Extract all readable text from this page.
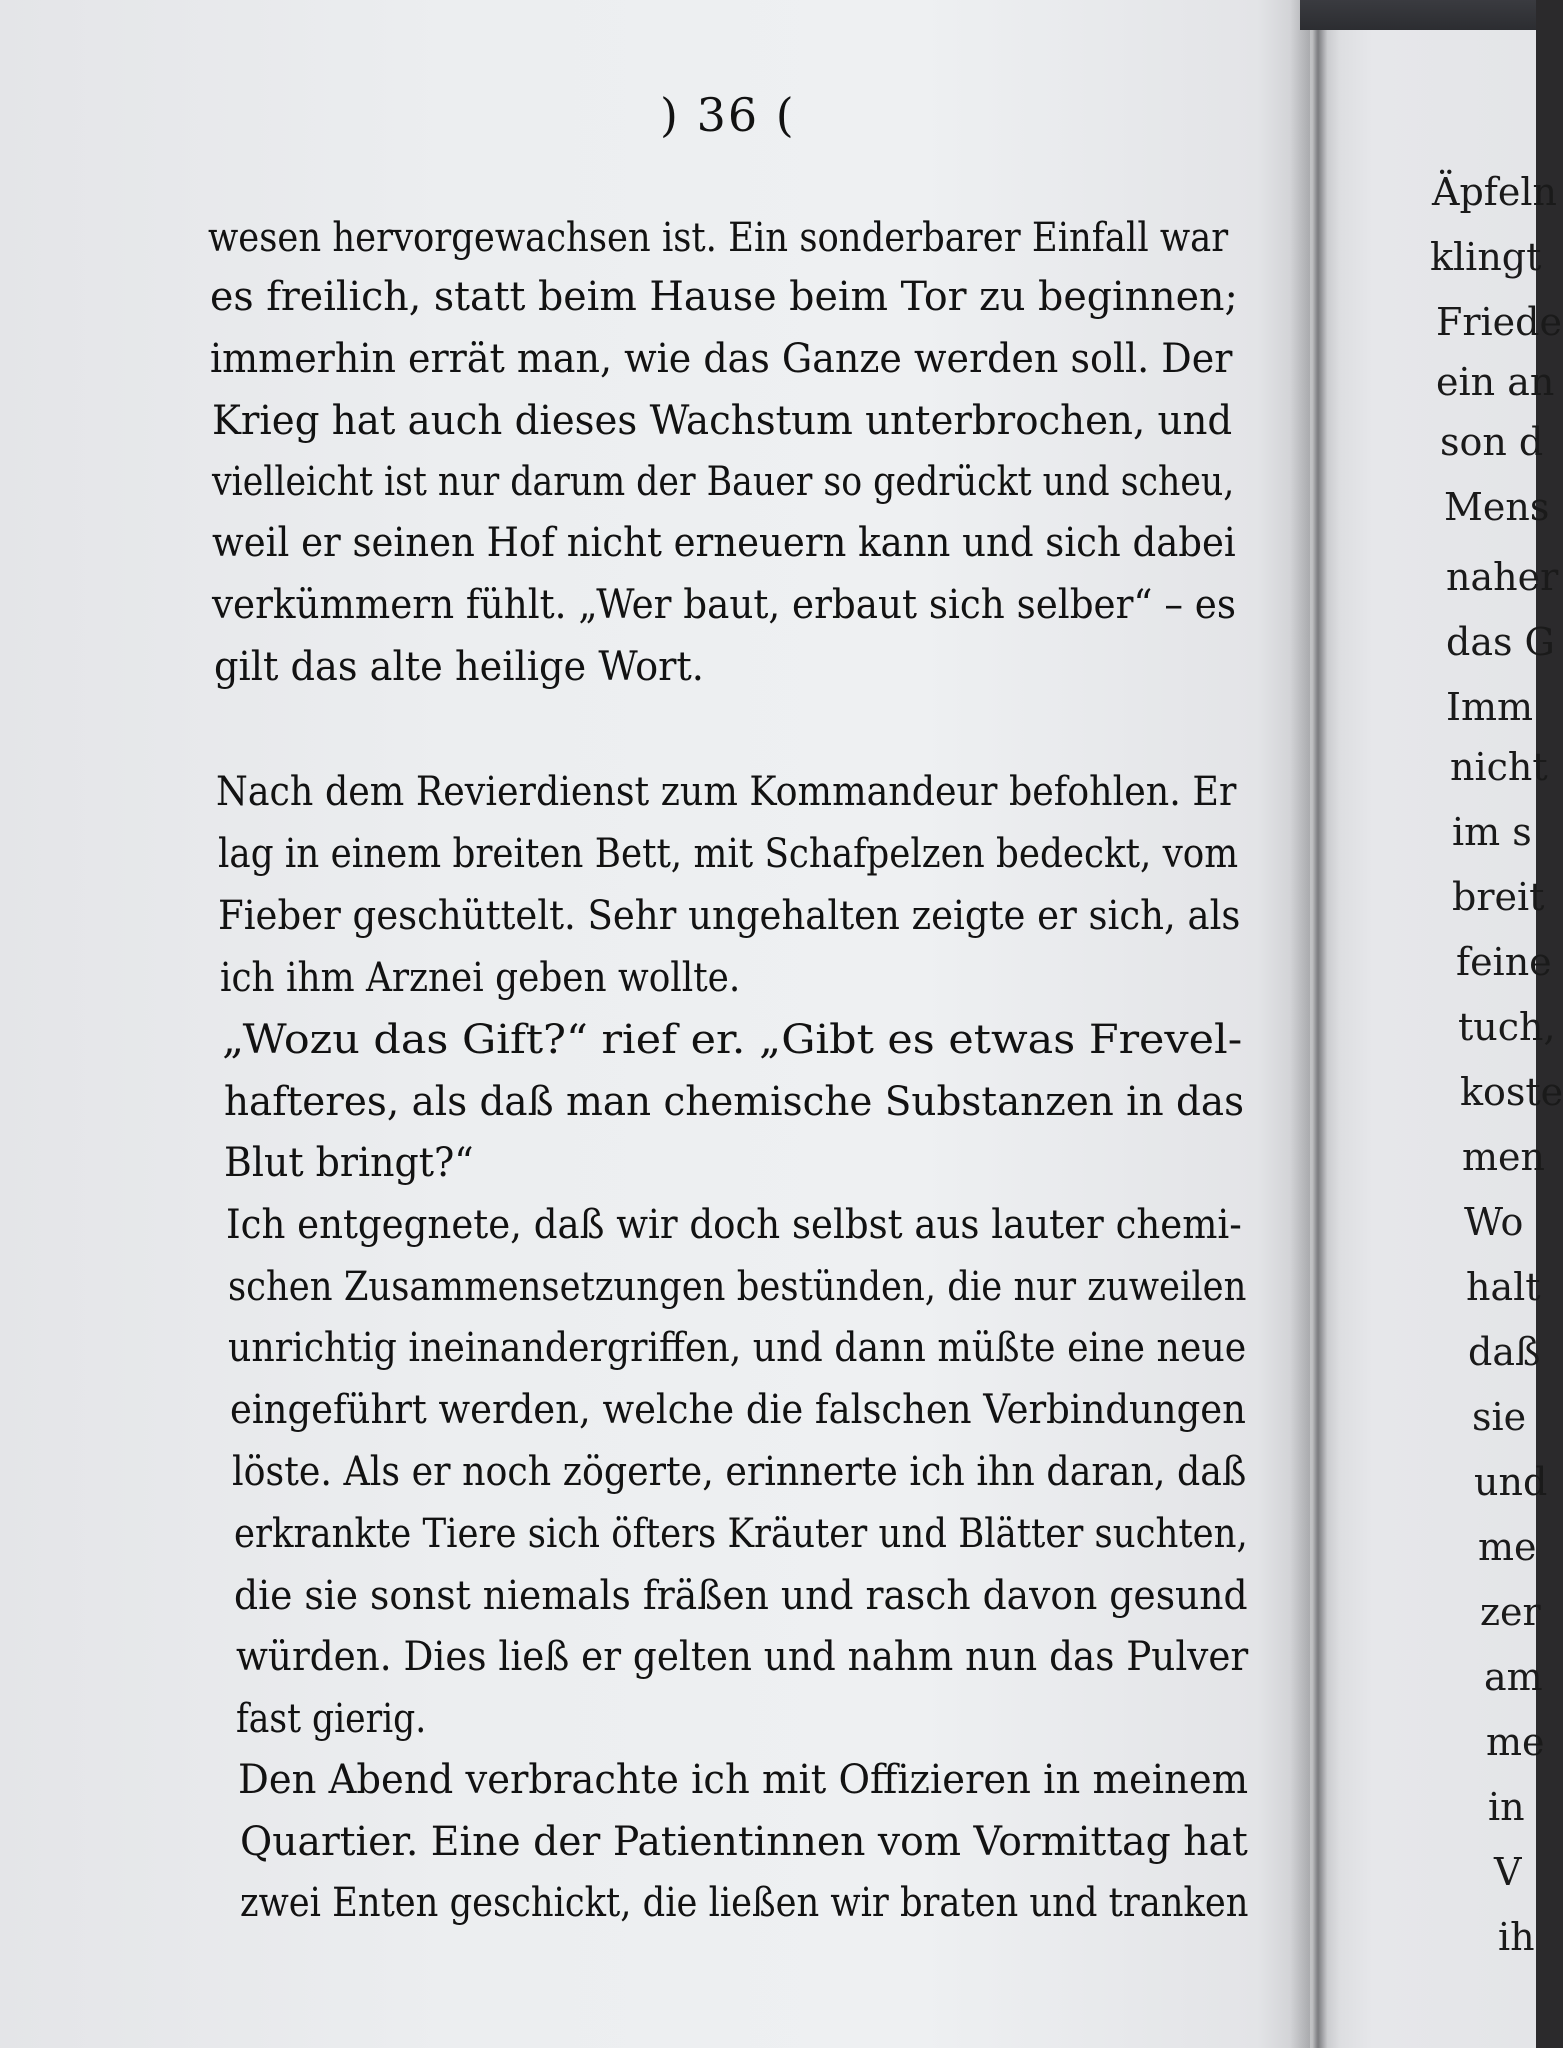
) 36 (
wesen hervorgewachsen ist. Ein sonderbarer Einfall war
es freilich, statt beim Hause beim Tor zu beginnen;
immerhin errät man, wie das Ganze werden soll. Der
Krieg hat auch dieses Wachstum unterbrochen, und
vielleicht ist nur darum der Bauer so gedrückt und scheu,
weil er seinen Hof nicht erneuern kann und sich dabei
verkümmern fühlt. „Wer baut, erbaut sich selber“ – es
gilt das alte heilige Wort.
Nach dem Revierdienst zum Kommandeur befohlen. Er
lag in einem breiten Bett, mit Schafpelzen bedeckt, vom
Fieber geschüttelt. Sehr ungehalten zeigte er sich, als
ich ihm Arznei geben wollte.
„Wozu das Gift?“ rief er. „Gibt es etwas Frevel-
hafteres, als daß man chemische Substanzen in das
Blut bringt?“
Ich entgegnete, daß wir doch selbst aus lauter chemi-
schen Zusammensetzungen bestünden, die nur zuweilen
unrichtig ineinandergriffen, und dann müßte eine neue
eingeführt werden, welche die falschen Verbindungen
löste. Als er noch zögerte, erinnerte ich ihn daran, daß
erkrankte Tiere sich öfters Kräuter und Blätter suchten,
die sie sonst niemals fräßen und rasch davon gesund
würden. Dies ließ er gelten und nahm nun das Pulver
fast gierig.
Den Abend verbrachte ich mit Offizieren in meinem
Quartier. Eine der Patientinnen vom Vormittag hat
zwei Enten geschickt, die ließen wir braten und tranken
Äpfeln
klingt
Friede
ein an
son d
Mens
naher
das G
Imm
nicht
im s
breit
feine
tuch,
koste
men
Wo
halt
daß
sie
und
me
zer
am
me
in
V
ih
